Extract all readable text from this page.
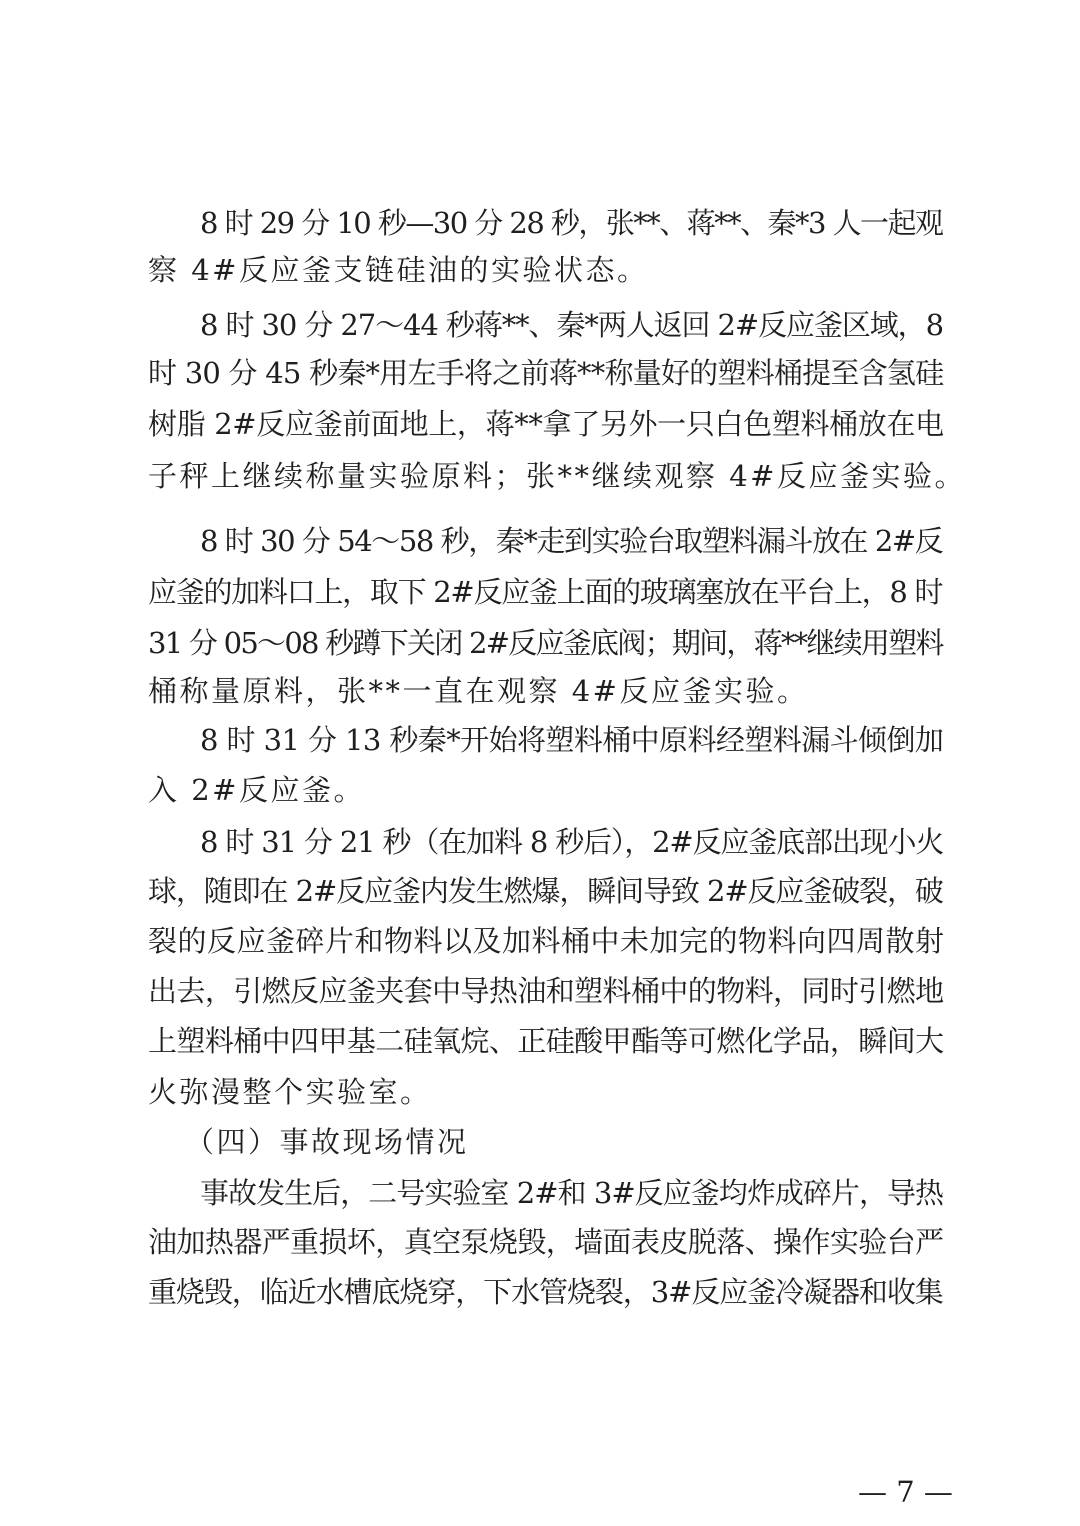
8 时 29 分 10 秒—30 分 28 秒，张**、蒋**、秦*3 人一起观
察 4#反应釜支链硅油的实验状态。
8 时 30 分 27～44 秒蒋**、秦*两人返回 2#反应釜区域，8
时 30 分 45 秒秦*用左手将之前蒋**称量好的塑料桶提至含氢硅
树脂 2#反应釜前面地上，蒋**拿了另外一只白色塑料桶放在电
子秤上继续称量实验原料；张**继续观察 4#反应釜实验。
8 时 30 分 54～58 秒，秦*走到实验台取塑料漏斗放在 2#反
应釜的加料口上，取下 2#反应釜上面的玻璃塞放在平台上，8 时
31 分 05～08 秒蹲下关闭 2#反应釜底阀；期间，蒋**继续用塑料
桶称量原料，张**一直在观察 4#反应釜实验。
8 时 31 分 13 秒秦*开始将塑料桶中原料经塑料漏斗倾倒加
入 2#反应釜。
8 时 31 分 21 秒（在加料 8 秒后），2#反应釜底部出现小火
球，随即在 2#反应釜内发生燃爆，瞬间导致 2#反应釜破裂，破
裂的反应釜碎片和物料以及加料桶中未加完的物料向四周散射
出去，引燃反应釜夹套中导热油和塑料桶中的物料，同时引燃地
上塑料桶中四甲基二硅氧烷、正硅酸甲酯等可燃化学品，瞬间大
火弥漫整个实验室。
（四）事故现场情况
事故发生后，二号实验室 2#和 3#反应釜均炸成碎片，导热
油加热器严重损坏，真空泵烧毁，墙面表皮脱落、操作实验台严
重烧毁，临近水槽底烧穿，下水管烧裂，3#反应釜冷凝器和收集
— 7 —
